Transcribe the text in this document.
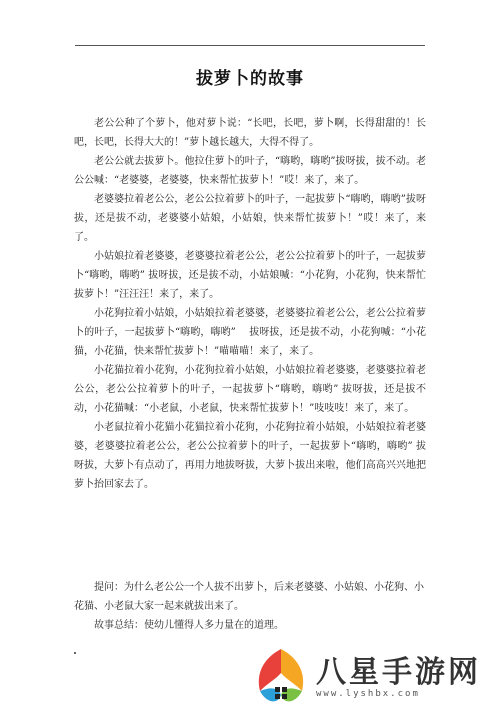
拔萝卜的故事

老公公种了个萝卜，他对萝卜说：“长吧，长吧，萝卜啊，长得甜甜的！长吧，长吧，长得大大的！”萝卜越长越大，大得不得了。

老公公就去拔萝卜。他拉住萝卜的叶子，“嗨哟，嗨哟”拔呀拔，拔不动。老公公喊：“老婆婆，老婆婆，快来帮忙拔萝卜！”哎！来了，来了。

老婆婆拉着老公公，老公公拉着萝卜的叶子，一起拔萝卜“嗨哟，嗨哟”拔呀拔，还是拔不动，老婆婆小姑娘，小姑娘，快来帮忙拔萝卜！”哎！来了，来了。

小姑娘拉着老婆婆，老婆婆拉着老公公，老公公拉着萝卜的叶子，一起拔萝卜“嗨哟，嗨哟” 拔呀拔，还是拔不动，小姑娘喊：“小花狗，小花狗，快来帮忙拔萝卜！”汪汪汪！来了，来了。

小花狗拉着小姑娘，小姑娘拉着老婆婆，老婆婆拉着老公公，老公公拉着萝卜的叶子，一起拔萝卜“嗨哟，嗨哟”　 拔呀拔，还是拔不动，小花狗喊：“小花猫，小花猫，快来帮忙拔萝卜！”喵喵喵！来了，来了。

小花猫拉着小花狗，小花狗拉着小姑娘，小姑娘拉着老婆婆，老婆婆拉着老公公，老公公拉着萝卜的叶子，一起拔萝卜“嗨哟，嗨哟” 拔呀拔，还是拔不动，小花猫喊：“小老鼠，小老鼠，快来帮忙拔萝卜！”吱吱吱！来了，来了。

小老鼠拉着小花猫小花猫拉着小花狗，小花狗拉着小姑娘，小姑娘拉着老婆婆，老婆婆拉着老公公，老公公拉着萝卜的叶子，一起拔萝卜“嗨哟，嗨哟” 拔呀拔，大萝卜有点动了，再用力地拔呀拔，大萝卜拔出来啦，他们高高兴兴地把萝卜抬回家去了。

提问：为什么老公公一个人拔不出萝卜，后来老婆婆、小姑娘、小花狗、小花猫、小老鼠大家一起来就拔出来了。

故事总结：使幼儿懂得人多力量在的道理。

八星手游网
www.lyshbx.com
